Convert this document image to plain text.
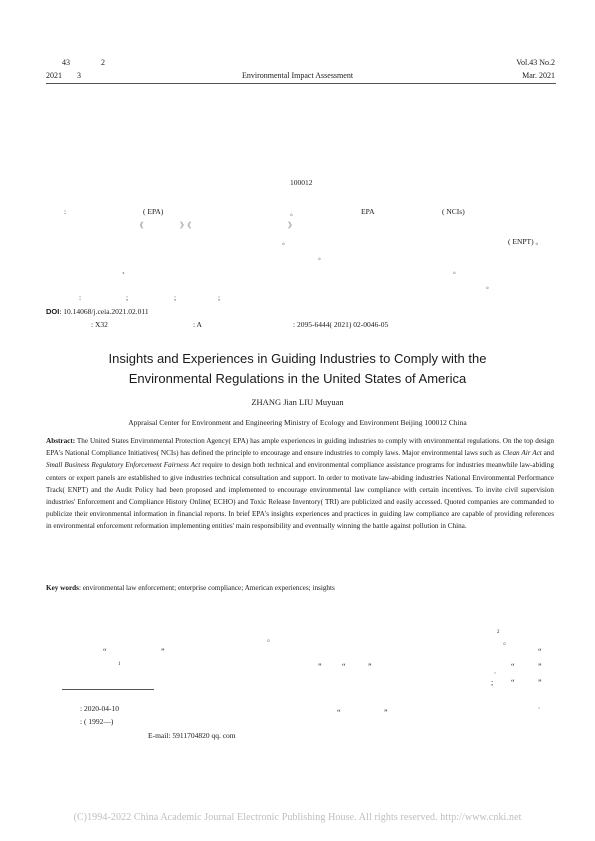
43	2	Vol.43 No.2
2021 3	Environmental Impact Assessment	Mar. 2021
100012
:	( EPA)	。	EPA	( NCIs)
《	》《	》
。	( ENPT) 。
。
、	。
。
:	;	;	;
DOI: 10.14068/j.ceia.2021.02.011
: X32	: A	: 2095-6444( 2021) 02-0046-05
Insights and Experiences in Guiding Industries to Comply with the
Environmental Regulations in the United States of America
ZHANG Jian LIU Muyuan
Appraisal Center for Environment and Engineering Ministry of Ecology and Environment Beijing 100012 China
Abstract: The United States Environmental Protection Agency( EPA) has ample experiences in guiding industries to comply with environmental regulations. On the top design EPA's National Compliance Initiatives( NCIs) has defined the principle to encourage and ensure industries to comply laws. Major environmental laws such as Clean Air Act and Small Business Regulatory Enforcement Fairness Act require to design both technical and environmental compliance assistance programs for industries meanwhile law-abiding centers or expert panels are established to give industries technical consultation and support. In order to motivate law-abiding industries National Environmental Performance Track( ENPT) and the Audit Policy had been proposed and implemented to encourage environmental law compliance with certain incentives. To invite civil supervision industries' Enforcement and Compliance History Online( ECHO) and Toxic Release Inventory( TRI) are publicized and easily accessed. Quoted companies are commanded to publicize their environmental information in financial reports. In brief EPA's insights experiences and practices in guiding law compliance are capable of providing references in environmental enforcement reformation implementing entities' main responsibility and eventually winning the battle against pollution in China.
Key words: environmental law enforcement; enterprise compliance; American experiences; insights
。
2
。
“	”	“
1	”	“	”
。
“	”
; “	”
“	”
。
: 2020-04-10
: ( 1992—)
E-mail: 5911704820 qq. com
(C)1994-2022 China Academic Journal Electronic Publishing House. All rights reserved. http://www.cnki.net
